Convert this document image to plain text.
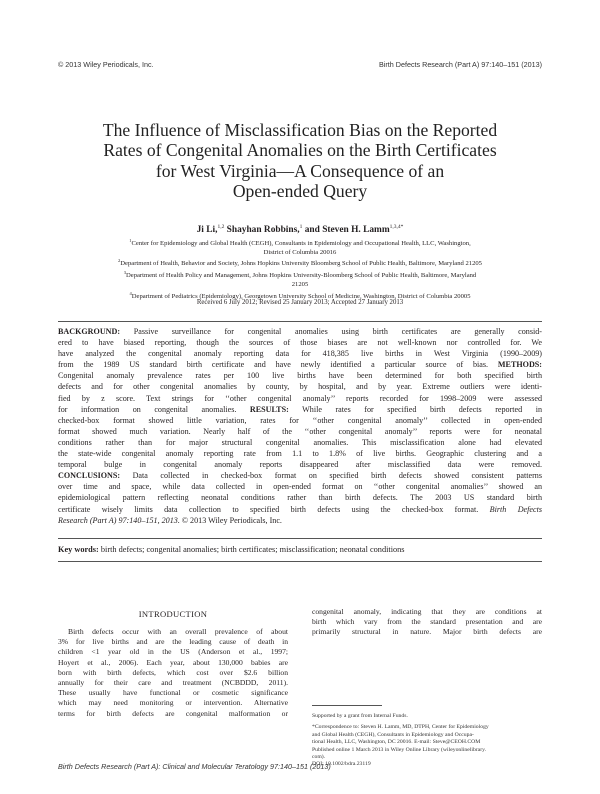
© 2013 Wiley Periodicals, Inc.	Birth Defects Research (Part A) 97:140–151 (2013)
The Influence of Misclassification Bias on the Reported
Rates of Congenital Anomalies on the Birth Certificates
for West Virginia—A Consequence of an
Open-ended Query
Ji Li,$^{1,2}$ Shayhan Robbins,$^1$ and Steven H. Lamm$^{1,3,4*}$
$^1$Center for Epidemiology and Global Health (CEGH), Consultants in Epidemiology and Occupational Health, LLC, Washington,
District of Columbia 20016
$^2$Department of Health, Behavior and Society, Johns Hopkins University Bloomberg School of Public Health, Baltimore, Maryland 21205
$^3$Department of Health Policy and Management, Johns Hopkins University-Bloomberg School of Public Health, Baltimore, Maryland
21205
$^4$Department of Pediatrics (Epidemiology), Georgetown University School of Medicine, Washington, District of Columbia 20005
Received 6 July 2012; Revised 25 January 2013; Accepted 27 January 2013
BACKGROUND: Passive surveillance for congenital anomalies using birth certificates are generally consid-
ered to have biased reporting, though the sources of those biases are not well-known nor controlled for. We
have analyzed the congenital anomaly reporting data for 418,385 live births in West Virginia (1990–2009)
from the 1989 US standard birth certificate and have newly identified a particular source of bias. METHODS:
Congenital anomaly prevalence rates per 100 live births have been determined for both specified birth
defects and for other congenital anomalies by county, by hospital, and by year. Extreme outliers were identi-
fied by z score. Text strings for ‘‘other congenital anomaly’’ reports recorded for 1998–2009 were assessed
for information on congenital anomalies. RESULTS: While rates for specified birth defects reported in
checked-box format showed little variation, rates for ‘‘other congenital anomaly’’ collected in open-ended
format showed much variation. Nearly half of the ‘‘other congenital anomaly’’ reports were for neonatal
conditions rather than for major structural congenital anomalies. This misclassification alone had elevated
the state-wide congenital anomaly reporting rate from 1.1 to 1.8% of live births. Geographic clustering and a
temporal bulge in congenital anomaly reports disappeared after misclassified data were removed.
CONCLUSIONS: Data collected in checked-box format on specified birth defects showed consistent patterns
over time and space, while data collected in open-ended format on ‘‘other congenital anomalies’’ showed an
epidemiological pattern reflecting neonatal conditions rather than birth defects. The 2003 US standard birth
certificate wisely limits data collection to specified birth defects using the checked-box format. Birth Defects
Research (Part A) 97:140–151, 2013. © 2013 Wiley Periodicals, Inc.
Key words: birth defects; congenital anomalies; birth certificates; misclassification; neonatal conditions
INTRODUCTION
Birth defects occur with an overall prevalence of about
3% for live births and are the leading cause of death in
children <1 year old in the US (Anderson et al., 1997;
Hoyert et al., 2006). Each year, about 130,000 babies are
born with birth defects, which cost over $2.6 billion
annually for their care and treatment (NCBDDD, 2011).
These usually have functional or cosmetic significance
which may need monitoring or intervention. Alternative
terms for birth defects are congenital malformation or
congenital anomaly, indicating that they are conditions at
birth which vary from the standard presentation and are
primarily structural in nature. Major birth defects are
Supported by a grant from Internal Funds.
*Correspondence to: Steven H. Lamm, MD, DTPH, Center for Epidemiology
and Global Health (CEGH), Consultants in Epidemiology and Occupa-
tional Health, LLC, Washington, DC 20016. E-mail: Steve@CEOH.COM
Published online 1 March 2013 in Wiley Online Library (wileyonlinelibrary.
com).
DOI: 10.1002/bdra.23119
Birth Defects Research (Part A): Clinical and Molecular Teratology 97:140–151 (2013)
